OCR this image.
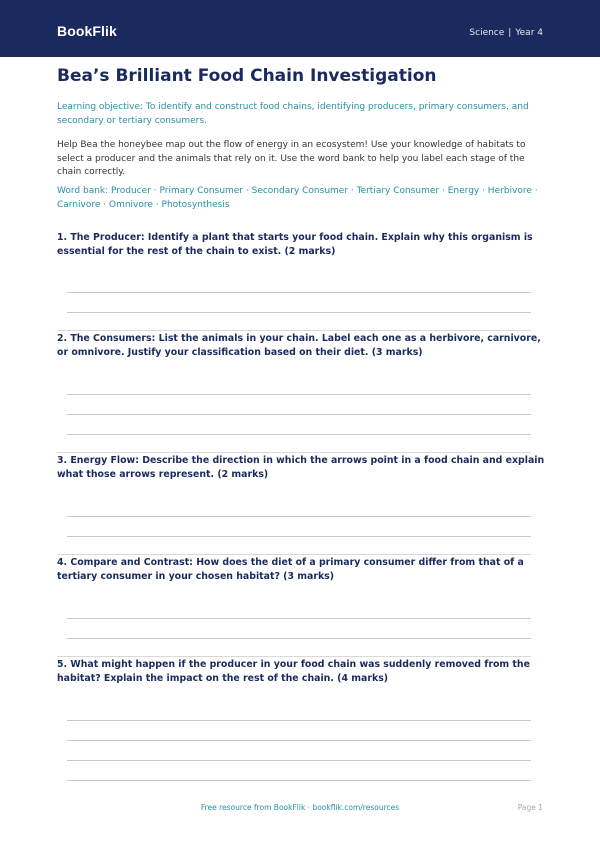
BookFlik	Science | Year 4
Bea’s Brilliant Food Chain Investigation

Learning objective: To identify and construct food chains, identifying producers, primary consumers, and secondary or tertiary consumers.

Help Bea the honeybee map out the flow of energy in an ecosystem! Use your knowledge of habitats to select a producer and the animals that rely on it. Use the word bank to help you label each stage of the chain correctly.

Word bank: Producer · Primary Consumer · Secondary Consumer · Tertiary Consumer · Energy · Herbivore · Carnivore · Omnivore · Photosynthesis

1. The Producer: Identify a plant that starts your food chain. Explain why this organism is essential for the rest of the chain to exist. (2 marks)

2. The Consumers: List the animals in your chain. Label each one as a herbivore, carnivore, or omnivore. Justify your classification based on their diet. (3 marks)

3. Energy Flow: Describe the direction in which the arrows point in a food chain and explain what those arrows represent. (2 marks)

4. Compare and Contrast: How does the diet of a primary consumer differ from that of a tertiary consumer in your chosen habitat? (3 marks)

5. What might happen if the producer in your food chain was suddenly removed from the habitat? Explain the impact on the rest of the chain. (4 marks)

Free resource from BookFlik · bookflik.com/resources	Page 1
